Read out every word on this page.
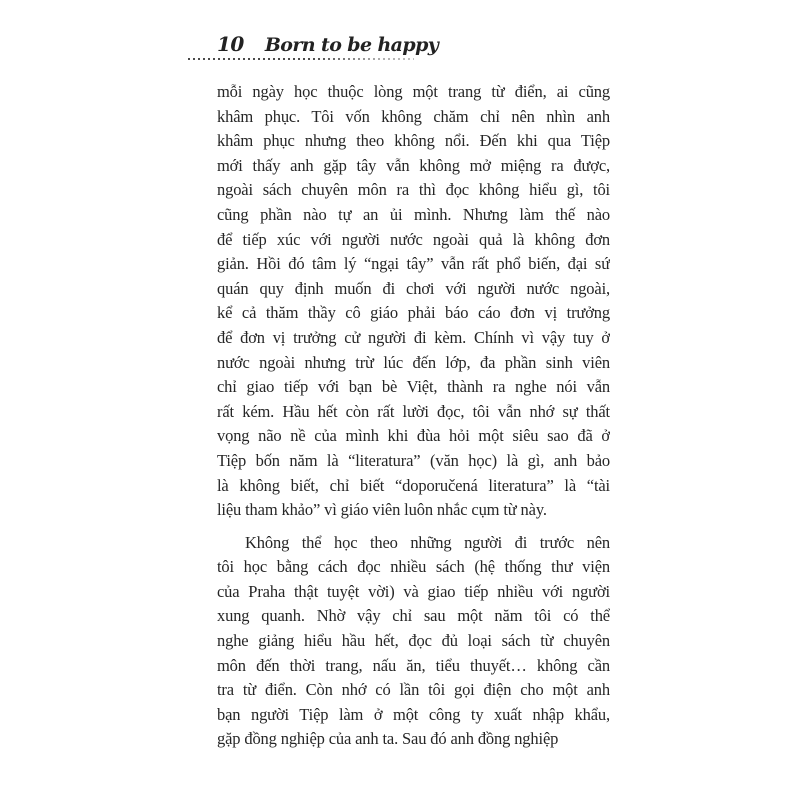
10 Born to be happy
mỗi ngày học thuộc lòng một trang từ điển, ai cũng
khâm phục. Tôi vốn không chăm chỉ nên nhìn anh
khâm phục nhưng theo không nổi. Đến khi qua Tiệp
mới thấy anh gặp tây vẫn không mở miệng ra được,
ngoài sách chuyên môn ra thì đọc không hiểu gì, tôi
cũng phần nào tự an ủi mình. Nhưng làm thế nào
để tiếp xúc với người nước ngoài quả là không đơn
giản. Hồi đó tâm lý “ngại tây” vẫn rất phổ biến, đại sứ
quán quy định muốn đi chơi với người nước ngoài,
kể cả thăm thầy cô giáo phải báo cáo đơn vị trưởng
để đơn vị trưởng cử người đi kèm. Chính vì vậy tuy ở
nước ngoài nhưng trừ lúc đến lớp, đa phần sinh viên
chỉ giao tiếp với bạn bè Việt, thành ra nghe nói vẫn
rất kém. Hầu hết còn rất lười đọc, tôi vẫn nhớ sự thất
vọng não nề của mình khi đùa hỏi một siêu sao đã ở
Tiệp bốn năm là “literatura” (văn học) là gì, anh bảo
là không biết, chỉ biết “doporučená literatura” là “tài
liệu tham khảo” vì giáo viên luôn nhắc cụm từ này.
Không thể học theo những người đi trước nên
tôi học bằng cách đọc nhiều sách (hệ thống thư viện
của Praha thật tuyệt vời) và giao tiếp nhiều với người
xung quanh. Nhờ vậy chỉ sau một năm tôi có thể
nghe giảng hiểu hầu hết, đọc đủ loại sách từ chuyên
môn đến thời trang, nấu ăn, tiểu thuyết… không cần
tra từ điển. Còn nhớ có lần tôi gọi điện cho một anh
bạn người Tiệp làm ở một công ty xuất nhập khẩu,
gặp đồng nghiệp của anh ta. Sau đó anh đồng nghiệp
